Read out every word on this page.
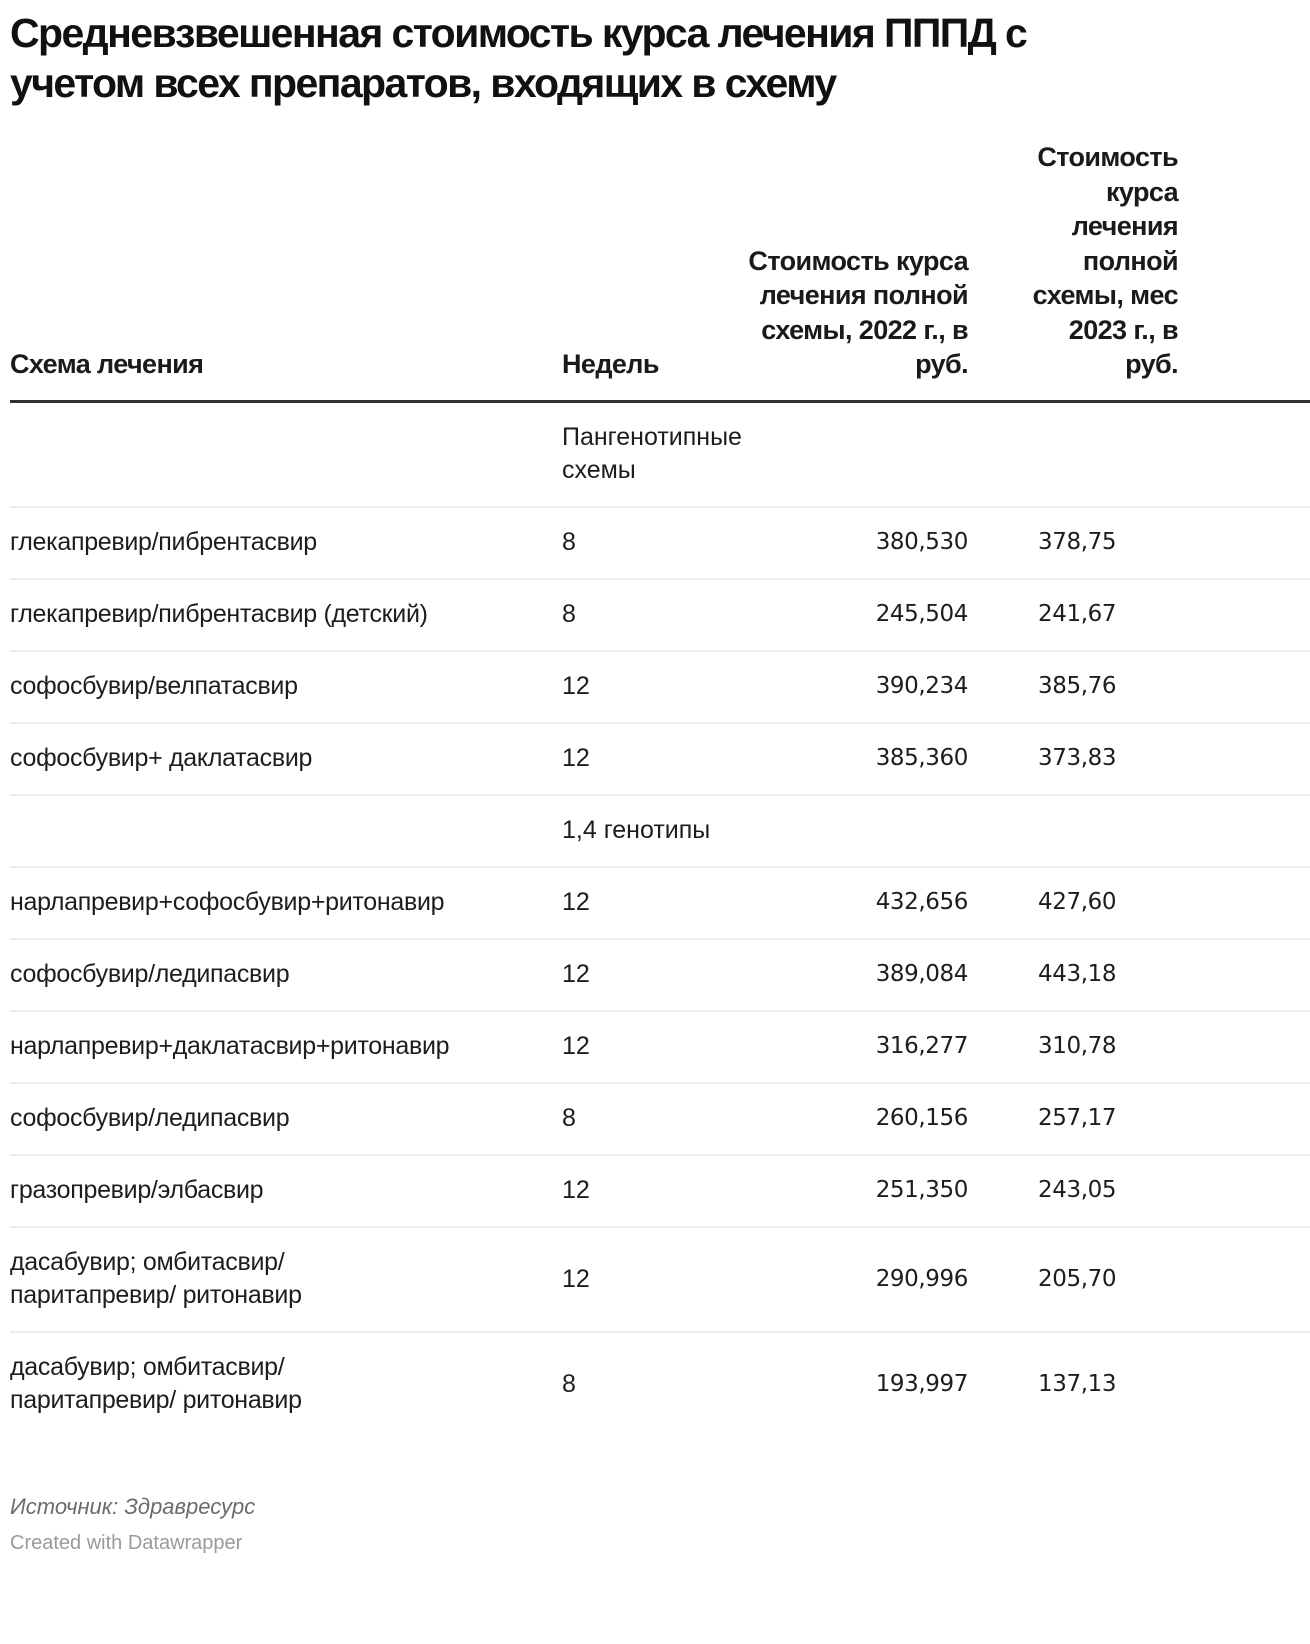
Средневзвешенная стоимость курса лечения ПППД с учетом всех препаратов, входящих в схему
Схема лечения	Недель	Стоимость курса лечения полной схемы, 2022 г., в руб.	Стоимость курса лечения полной схемы, мес 2023 г., в руб.	
	Пангенотипные схемы			
глекапревир/пибрентасвир	8	380,530	378,75	
глекапревир/пибрентасвир (детский)	8	245,504	241,67	
софосбувир/велпатасвир	12	390,234	385,76	
софосбувир+ даклатасвир	12	385,360	373,83	
	1,4 генотипы			
нарлапревир+софосбувир+ритонавир	12	432,656	427,60	
софосбувир/ледипасвир	12	389,084	443,18	
нарлапревир+даклатасвир+ритонавир	12	316,277	310,78	
софосбувир/ледипасвир	8	260,156	257,17	
гразопревир/элбасвир	12	251,350	243,05	
дасабувир; омбитасвир/ паритапревир/ ритонавир	12	290,996	205,70	
дасабувир; омбитасвир/ паритапревир/ ритонавир	8	193,997	137,13	
Источник: Здравресурс
Created with Datawrapper
